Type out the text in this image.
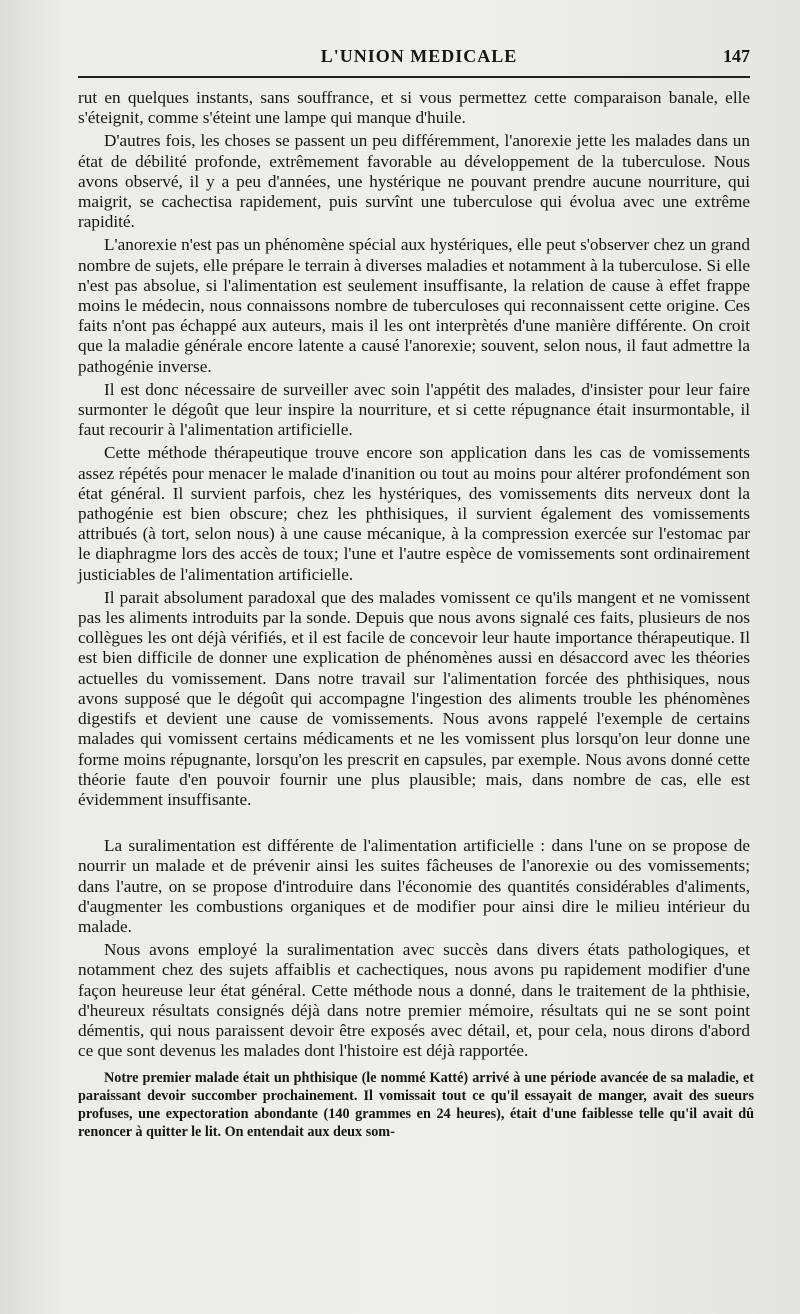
L'UNION MEDICALE	147

rut en quelques instants, sans souffrance, et si vous permettez cette comparaison banale, elle s'éteignit, comme s'éteint une lampe qui manque d'huile.

D'autres fois, les choses se passent un peu différemment, l'anorexie jette les malades dans un état de débilité profonde, extrêmement favorable au développement de la tuberculose. Nous avons observé, il y a peu d'années, une hystérique ne pouvant prendre aucune nourriture, qui maigrit, se cachectisa rapidement, puis survînt une tuberculose qui évolua avec une extrême rapidité.

L'anorexie n'est pas un phénomène spécial aux hystériques, elle peut s'observer chez un grand nombre de sujets, elle prépare le terrain à diverses maladies et notamment à la tuberculose. Si elle n'est pas absolue, si l'alimentation est seulement insuffisante, la relation de cause à effet frappe moins le médecin, nous connaissons nombre de tuberculoses qui reconnaissent cette origine. Ces faits n'ont pas échappé aux auteurs, mais il les ont interprètés d'une manière différente. On croit que la maladie générale encore latente a causé l'anorexie; souvent, selon nous, il faut admettre la pathogénie inverse.

Il est donc nécessaire de surveiller avec soin l'appétit des malades, d'insister pour leur faire surmonter le dégoût que leur inspire la nourriture, et si cette répugnance était insurmontable, il faut recourir à l'alimentation artificielle.

Cette méthode thérapeutique trouve encore son application dans les cas de vomissements assez répétés pour menacer le malade d'inanition ou tout au moins pour altérer profondément son état général. Il survient parfois, chez les hystériques, des vomissements dits nerveux dont la pathogénie est bien obscure; chez les phthisiques, il survient également des vomissements attribués (à tort, selon nous) à une cause mécanique, à la compression exercée sur l'estomac par le diaphragme lors des accès de toux; l'une et l'autre espèce de vomissements sont ordinairement justiciables de l'alimentation artificielle.

Il parait absolument paradoxal que des malades vomissent ce qu'ils mangent et ne vomissent pas les aliments introduits par la sonde. Depuis que nous avons signalé ces faits, plusieurs de nos collègues les ont déjà vérifiés, et il est facile de concevoir leur haute importance thérapeutique. Il est bien difficile de donner une explication de phénomènes aussi en désaccord avec les théories actuelles du vomissement. Dans notre travail sur l'alimentation forcée des phthisiques, nous avons supposé que le dégoût qui accompagne l'ingestion des aliments trouble les phénomènes digestifs et devient une cause de vomissements. Nous avons rappelé l'exemple de certains malades qui vomissent certains médicaments et ne les vomissent plus lorsqu'on leur donne une forme moins répugnante, lorsqu'on les prescrit en capsules, par exemple. Nous avons donné cette théorie faute d'en pouvoir fournir une plus plausible; mais, dans nombre de cas, elle est évidemment insuffisante.

La suralimentation est différente de l'alimentation artificielle : dans l'une on se propose de nourrir un malade et de prévenir ainsi les suites fâcheuses de l'anorexie ou des vomissements; dans l'autre, on se propose d'introduire dans l'économie des quantités considérables d'aliments, d'augmenter les combustions organiques et de modifier pour ainsi dire le milieu intérieur du malade.

Nous avons employé la suralimentation avec succès dans divers états pathologiques, et notamment chez des sujets affaiblis et cachectiques, nous avons pu rapidement modifier d'une façon heureuse leur état général. Cette méthode nous a donné, dans le traitement de la phthisie, d'heureux résultats consignés déjà dans notre premier mémoire, résultats qui ne se sont point démentis, qui nous paraissent devoir être exposés avec détail, et, pour cela, nous dirons d'abord ce que sont devenus les malades dont l'histoire est déjà rapportée.

Notre premier malade était un phthisique (le nommé Katté) arrivé à une période avancée de sa maladie, et paraissant devoir succomber prochainement. Il vomissait tout ce qu'il essayait de manger, avait des sueurs profuses, une expectoration abondante (140 grammes en 24 heures), était d'une faiblesse telle qu'il avait dû renoncer à quitter le lit. On entendait aux deux som-
